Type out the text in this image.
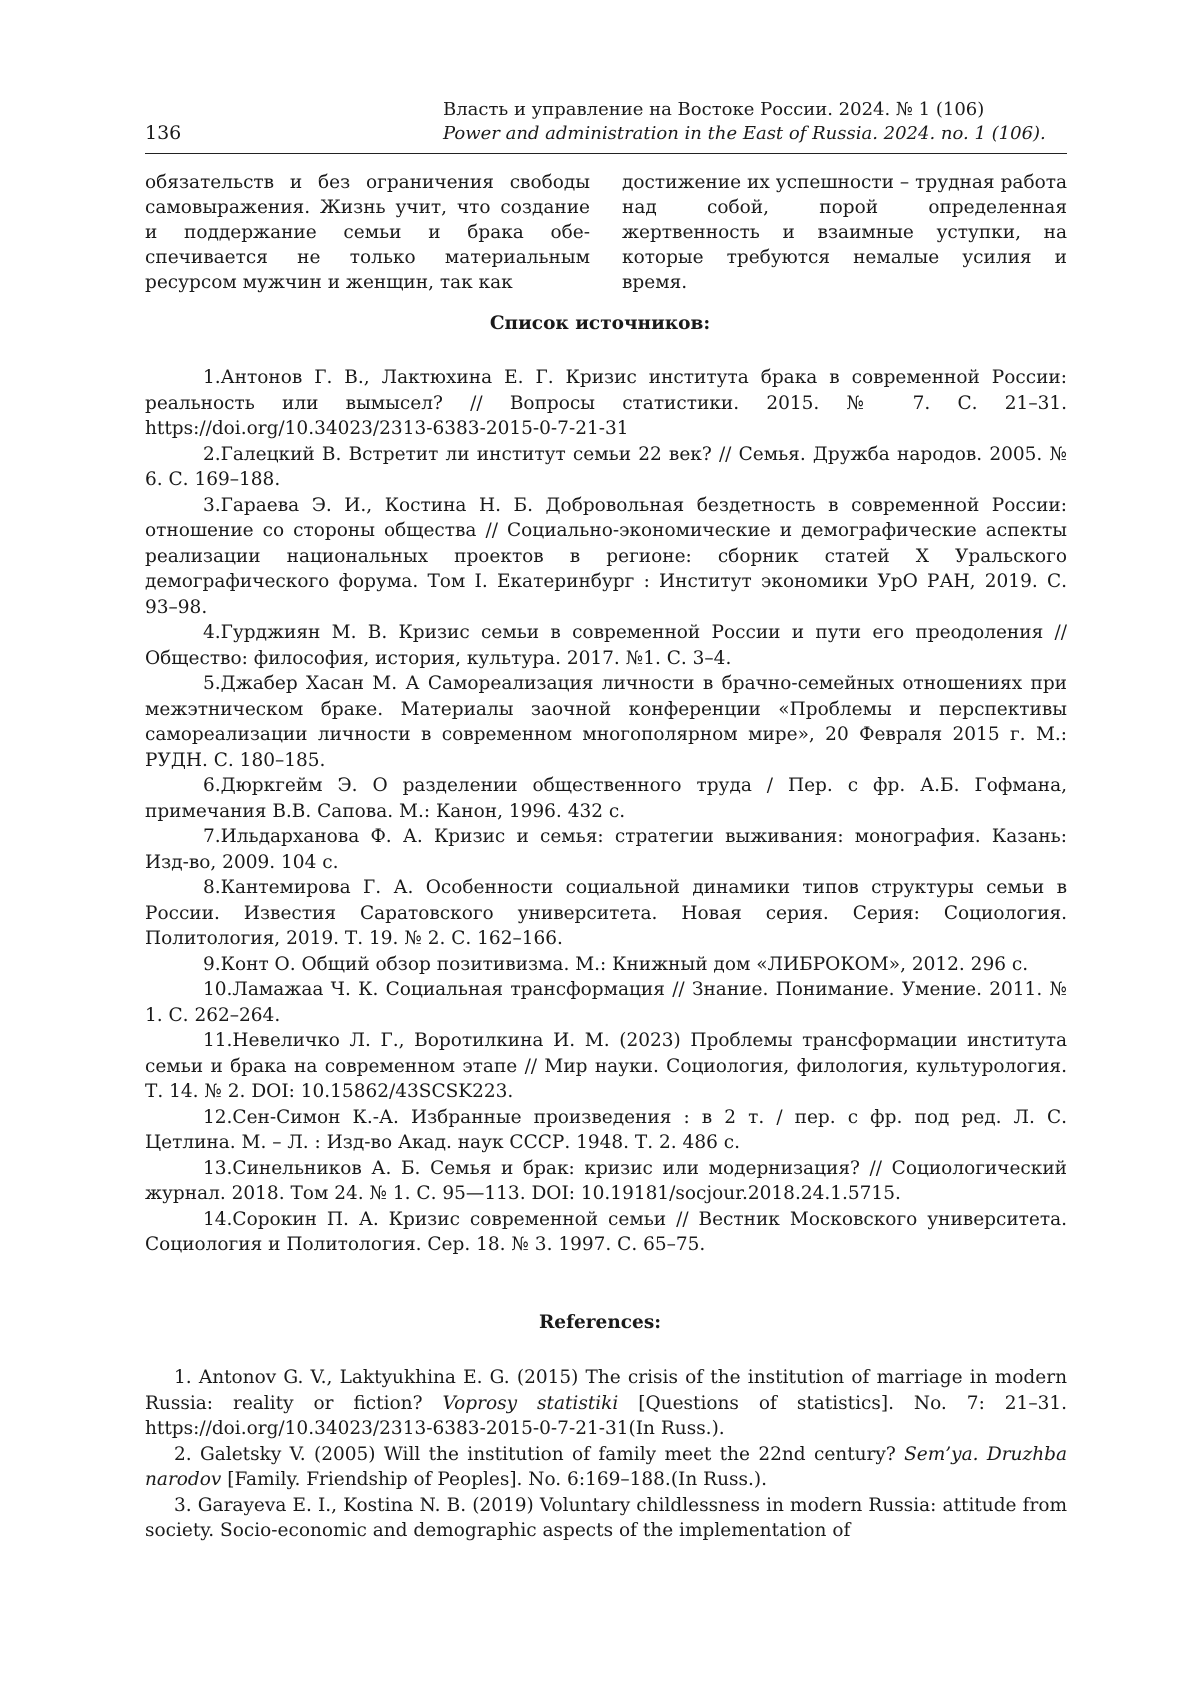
136
Власть и управление на Востоке России. 2024. № 1 (106)
Power and administration in the East of Russia. 2024. no. 1 (106).
обязательств и без ограничения свободы самовыражения. Жизнь учит, что создание и поддержание семьи и брака обеспечивается не только материальным ресурсом мужчин и женщин, так как
достижение их успешности – трудная работа над собой, порой определенная жертвенность и взаимные уступки, на которые требуются немалые усилия и время.
Список источников:

1.Антонов Г. В., Лактюхина Е. Г. Кризис института брака в современной России: реальность или вымысел? // Вопросы статистики. 2015. № 7. С. 21–31. https://doi.org/10.34023/2313-6383-2015-0-7-21-31

2.Галецкий В. Встретит ли институт семьи 22 век? // Семья. Дружба народов. 2005. № 6. С. 169–188.

3.Гараева Э. И., Костина Н. Б. Добровольная бездетность в современной России: отношение со стороны общества // Социально-экономические и демографические аспекты реализации национальных проектов в регионе: сборник статей X Уральского демографического форума. Том I. Екатеринбург : Институт экономики УрО РАН, 2019. С. 93–98.

4.Гурджиян М. В. Кризис семьи в современной России и пути его преодоления // Общество: философия, история, культура. 2017. №1. С. 3–4.

5.Джабер Хасан М. А Самореализация личности в брачно-семейных отношениях при межэтническом браке. Материалы заочной конференции «Проблемы и перспективы самореализации личности в современном многополярном мире», 20 Февраля 2015 г. М.: РУДН. С. 180–185.

6.Дюркгейм Э. О разделении общественного труда / Пер. с фр. А.Б. Гофмана, примечания В.В. Сапова. М.: Канон, 1996. 432 с.

7.Ильдарханова Ф. А. Кризис и семья: стратегии выживания: монография. Казань: Изд-во, 2009. 104 с.

8.Кантемирова Г. А. Особенности социальной динамики типов структуры семьи в России. Известия Саратовского университета. Новая серия. Серия: Социология. Политология, 2019. Т. 19. № 2. С. 162–166.

9.Конт О. Общий обзор позитивизма. М.: Книжный дом «ЛИБРОКОМ», 2012. 296 с.

10.Ламажаа Ч. К. Социальная трансформация // Знание. Понимание. Умение. 2011. № 1. С. 262–264.

11.Невеличко Л. Г., Воротилкина И. М. (2023) Проблемы трансформации института семьи и брака на современном этапе // Мир науки. Социология, филология, культурология. Т. 14. № 2. DOI: 10.15862/43SCSK223.

12.Сен-Симон К.-А. Избранные произведения : в 2 т. / пер. с фр. под ред. Л. С. Цетлина. М. – Л. : Изд-во Акад. наук СССР. 1948. Т. 2. 486 с.

13.Синельников А. Б. Семья и брак: кризис или модернизация? // Социологический журнал. 2018. Том 24. № 1. С. 95—113. DOI: 10.19181/socjour.2018.24.1.5715.

14.Сорокин П. А. Кризис современной семьи // Вестник Московского университета. Социология и Политология. Сер. 18. № 3. 1997. С. 65–75.

References:

1. Antonov G. V., Laktyukhina E. G. (2015) The crisis of the institution of marriage in modern Russia: reality or fiction? Voprosy statistiki [Questions of statistics]. No. 7: 21–31. https://doi.org/10.34023/2313-6383-2015-0-7-21-31(In Russ.).

2. Galetsky V. (2005) Will the institution of family meet the 22nd century? Sem’ya. Druzhba narodov [Family. Friendship of Peoples]. No. 6:169–188.(In Russ.).

3. Garayeva E. I., Kostina N. B. (2019) Voluntary childlessness in modern Russia: attitude from society. Socio-economic and demographic aspects of the implementation of
